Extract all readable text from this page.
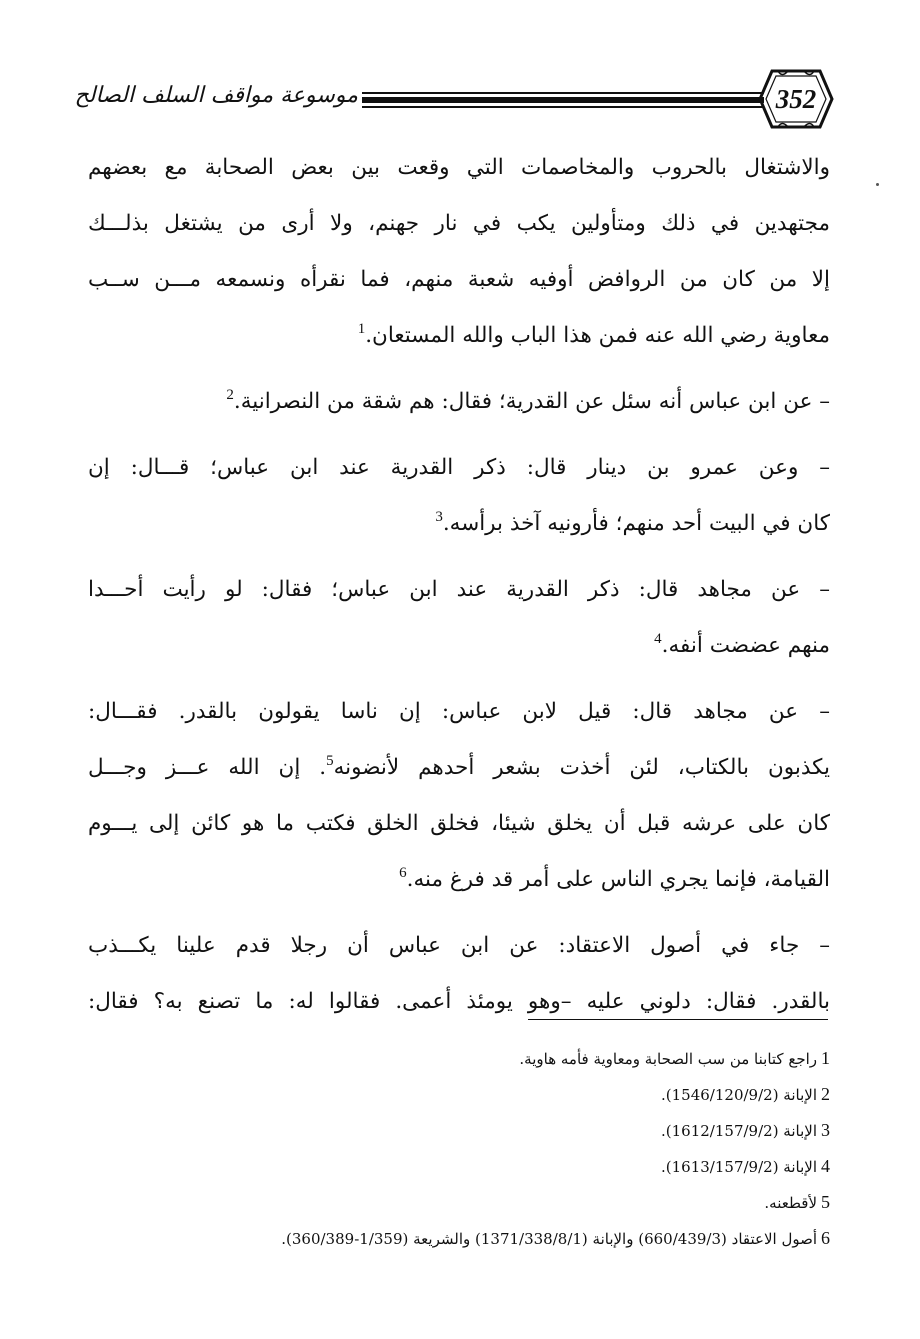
موسوعة مواقف السلف الصالح	352
والاشتغال بالحروب والمخاصمات التي وقعت بين بعض الصحابة مع بعضهم
مجتهدين في ذلك ومتأولين يكب في نار جهنم، ولا أرى من يشتغل بذلـــك
إلا من كان من الروافض أوفيه شعبة منهم، فما نقرأه ونسمعه مـــن ســب
معاوية رضي الله عنه فمن هذا الباب والله المستعان.$^1$
– عن ابن عباس أنه سئل عن القدرية؛ فقال: هم شقة من النصرانية.$^2$
– وعن عمرو بن دينار قال: ذكر القدرية عند ابن عباس؛ قـــال: إن
كان في البيت أحد منهم؛ فأرونيه آخذ برأسه.$^3$
– عن مجاهد قال: ذكر القدرية عند ابن عباس؛ فقال: لو رأيت أحـــدا
منهم عضضت أنفه.$^4$
– عن مجاهد قال: قيل لابن عباس: إن ناسا يقولون بالقدر. فقـــال:
يكذبون بالكتاب، لئن أخذت بشعر أحدهم لأنضونه$^5$. إن الله عـــز وجـــل
كان على عرشه قبل أن يخلق شيئا، فخلق الخلق فكتب ما هو كائن إلى يـــوم
القيامة، فإنما يجري الناس على أمر قد فرغ منه.$^6$
– جاء في أصول الاعتقاد: عن ابن عباس أن رجلا قدم علينا يكـــذب
بالقدر. فقال: دلوني عليه –وهو يومئذ أعمى. فقالوا له: ما تصنع به؟ فقال:
1راجع كتابنا من سب الصحابة ومعاوية فأمه هاوية.
2الإبانة (1546/120/9/2).
3الإبانة (1612/157/9/2).
4الإبانة (1613/157/9/2).
5لأقطعنه.
6أصول الاعتقاد (660/439/3) والإبانة (1371/338/8/1) والشريعة (1/359-360/389).
